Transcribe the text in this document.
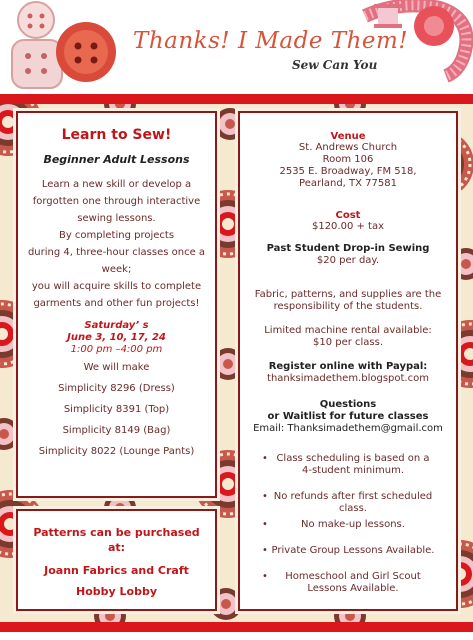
Thanks! I Made Them!
Sew Can You
Learn to Sew!
Beginner Adult Lessons
Learn a new skill or develop a
forgotten one through interactive
sewing lessons.
By completing projects
during 4, three-hour classes once a
week;
you will acquire skills to complete
garments and other fun projects!
Saturday’ s
June 3, 10, 17, 24
1:00 pm –4:00 pm
We will make
Simplicity 8296 (Dress)
Simplicity 8391 (Top)
Simplicity 8149 (Bag)
Simplicity 8022 (Lounge Pants)
Patterns can be purchased
at:
Joann Fabrics and Craft
Hobby Lobby
Venue

St. Andrews Church

Room 106

2535 E. Broadway, FM 518,

Pearland, TX 77581

Cost

$120.00 + tax

Past Student Drop-in Sewing

$20 per day.

Fabric, patterns, and supplies are the

responsibility of the students.

Limited machine rental available:

$10 per class.

Register online with Paypal:

thanksimadethem.blogspot.com

Questions

or Waitlist for future classes

Email: Thanksimadethem@gmail.com

• Class scheduling is based on a
4-student minimum.
• No refunds after first scheduled
class.
• No make-up lessons.
• Private Group Lessons Available.
• Homeschool and Girl Scout
Lessons Available.
